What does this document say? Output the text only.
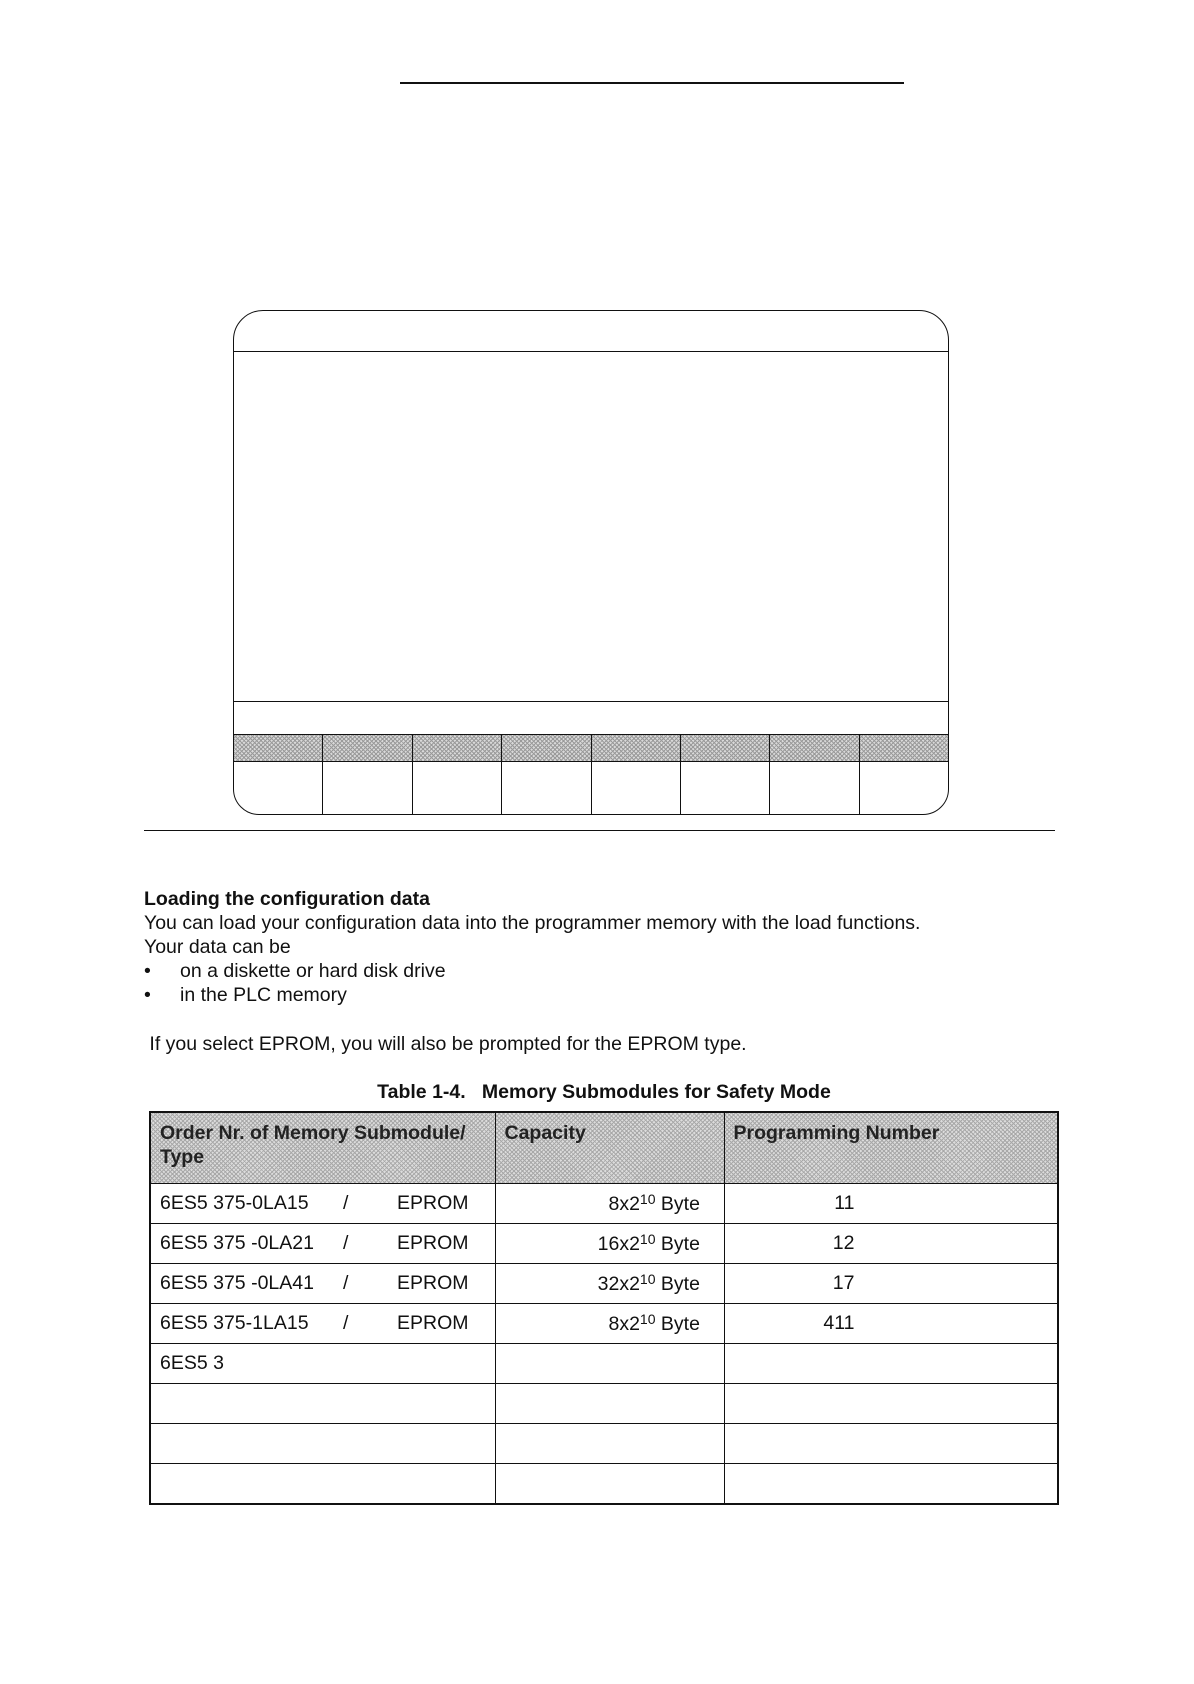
Loading the configuration data
You can load your configuration data into the programmer memory with the load functions.
Your data can be
• on a diskette or hard disk drive
• in the PLC memory
If you select EPROM, you will also be prompted for the EPROM type.
Table 1-4.   Memory Submodules for Safety Mode
Order Nr. of Memory Submodule/ Type	Capacity	Programming Number

6ES5 375-0LA15 / EPROM	$8x2^{10}$ Byte	11

6ES5 375 -0LA21 / EPROM	$16x2^{10}$ Byte	12

6ES5 375 -0LA41 / EPROM	$32x2^{10}$ Byte	17

6ES5 375-1LA15 / EPROM	$8x2^{10}$ Byte	411

6ES5 3		
